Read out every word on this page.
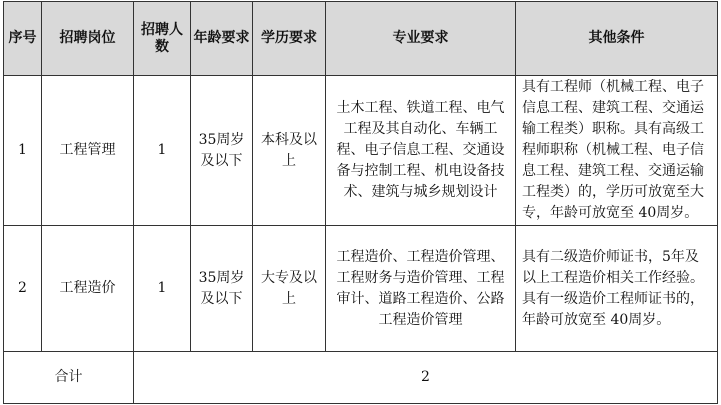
序号	招聘岗位	招聘人数	年龄要求	学历要求	专业要求	其他条件
1	工程管理	1	35周岁及以下	本科及以上	土木工程、铁道工程、电气工程及其自动化、车辆工程、电子信息工程、交通设备与控制工程、机电设备技术、建筑与城乡规划设计	具有工程师（机械工程、电子信息工程、建筑工程、交通运输工程类）职称。具有高级工程师职称（机械工程、电子信息工程、建筑工程、交通运输工程类）的，学历可放宽至大专，年龄可放宽至 40周岁。
2	工程造价	1	35周岁及以下	大专及以上	工程造价、工程造价管理、工程财务与造价管理、工程审计、道路工程造价、公路工程造价管理	具有二级造价师证书，5年及以上工程造价相关工作经验。具有一级造价工程师证书的，年龄可放宽至 40周岁。
合计		2				
